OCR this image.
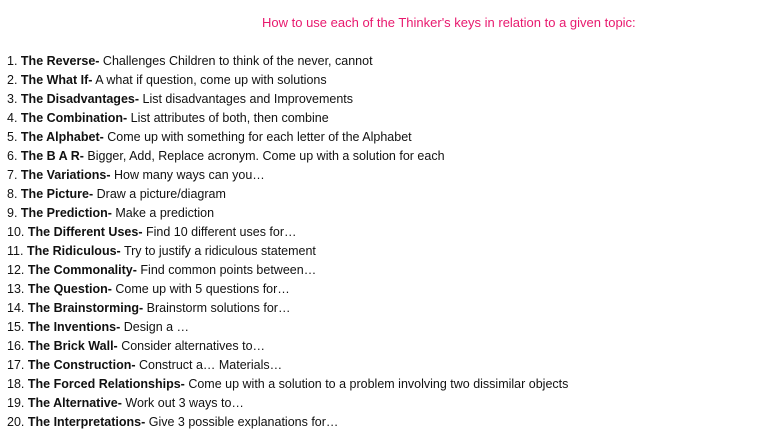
How to use each of the Thinker's keys in relation to a given topic:
1. The Reverse- Challenges Children to think of the never, cannot
2. The What If- A what if question, come up with solutions
3. The Disadvantages- List disadvantages and Improvements
4. The Combination- List attributes of both, then combine
5. The Alphabet- Come up with something for each letter of the Alphabet
6. The B A R- Bigger, Add, Replace acronym. Come up with a solution for each
7. The Variations- How many ways can you…
8. The Picture- Draw a picture/diagram
9. The Prediction- Make a prediction
10. The Different Uses- Find 10 different uses for…
11. The Ridiculous- Try to justify a ridiculous statement
12. The Commonality- Find common points between…
13. The Question- Come up with 5 questions for…
14. The Brainstorming- Brainstorm solutions for…
15. The Inventions- Design a …
16. The Brick Wall- Consider alternatives to…
17. The Construction- Construct a… Materials…
18. The Forced Relationships- Come up with a solution to a problem involving two dissimilar objects
19. The Alternative- Work out 3 ways to…
20. The Interpretations- Give 3 possible explanations for…
